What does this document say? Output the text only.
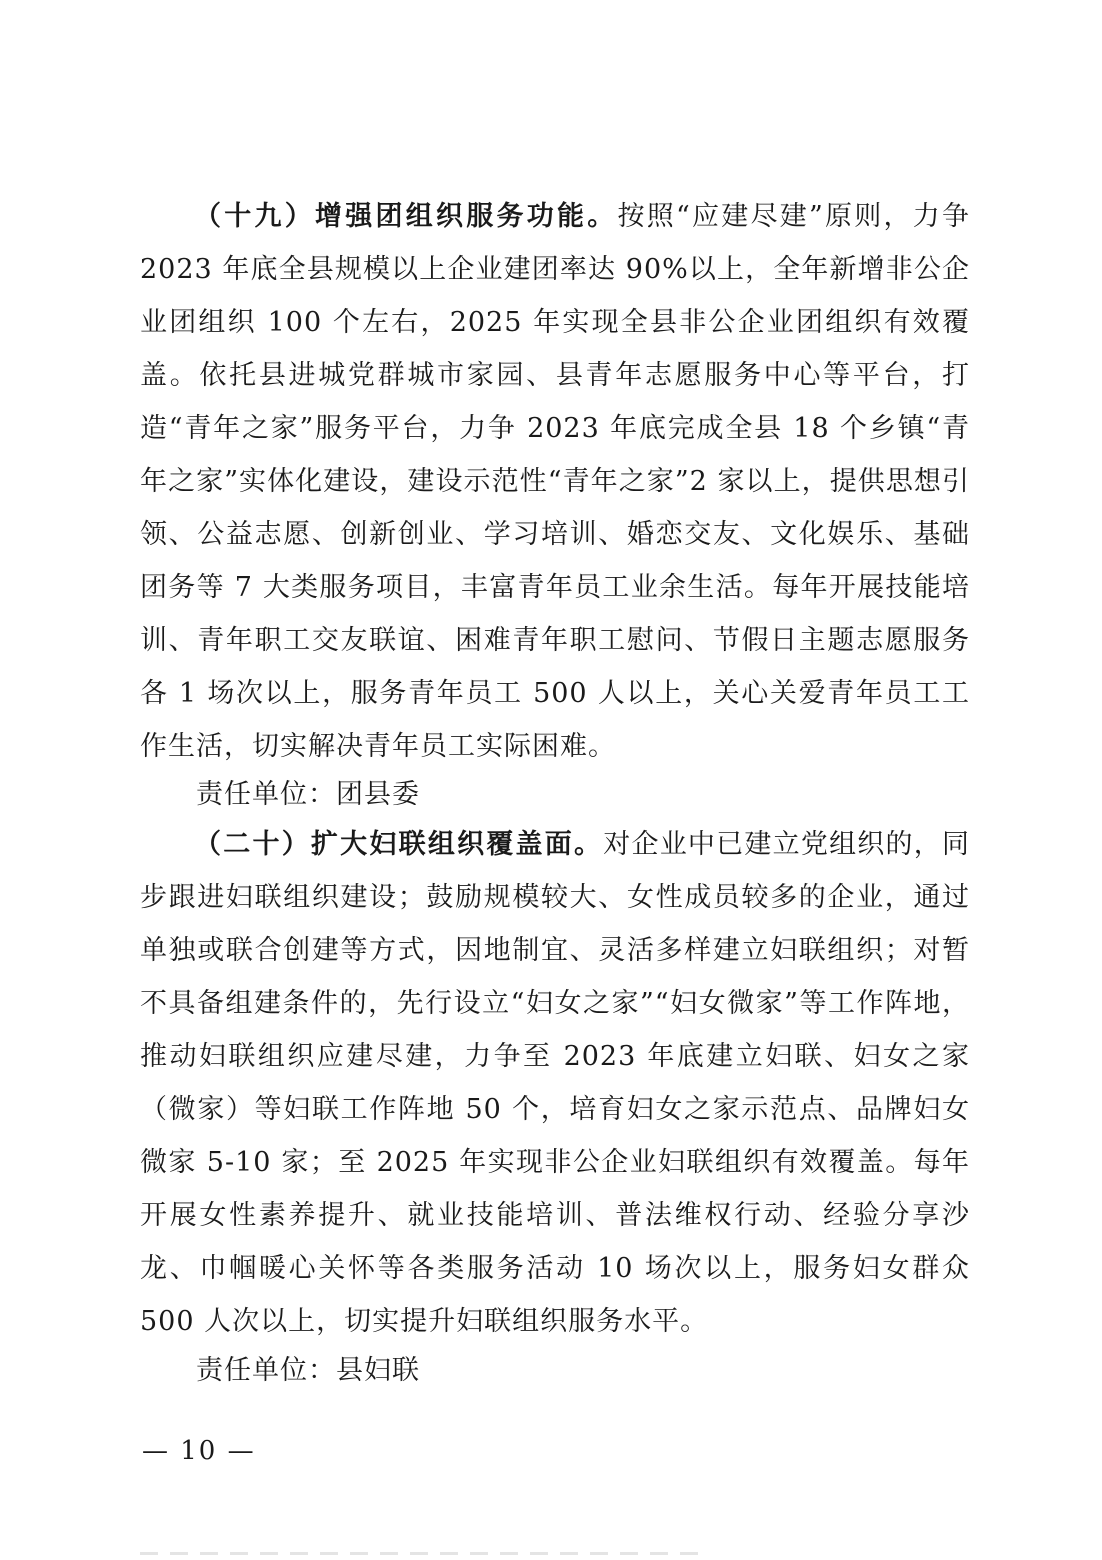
（十九）增强团组织服务功能。按照“应建尽建”原则，力争2023 年底全县规模以上企业建团率达 90%以上，全年新增非公企业团组织 100 个左右，2025 年实现全县非公企业团组织有效覆盖。依托县进城党群城市家园、县青年志愿服务中心等平台，打造“青年之家”服务平台，力争 2023 年底完成全县 18 个乡镇“青年之家”实体化建设，建设示范性“青年之家”2 家以上，提供思想引领、公益志愿、创新创业、学习培训、婚恋交友、文化娱乐、基础团务等 7 大类服务项目，丰富青年员工业余生活。每年开展技能培训、青年职工交友联谊、困难青年职工慰问、节假日主题志愿服务各 1 场次以上，服务青年员工 500 人以上，关心关爱青年员工工作生活，切实解决青年员工实际困难。

责任单位：团县委

（二十）扩大妇联组织覆盖面。对企业中已建立党组织的，同步跟进妇联组织建设；鼓励规模较大、女性成员较多的企业，通过单独或联合创建等方式，因地制宜、灵活多样建立妇联组织；对暂不具备组建条件的，先行设立“妇女之家”“妇女微家”等工作阵地，推动妇联组织应建尽建，力争至 2023 年底建立妇联、妇女之家（微家）等妇联工作阵地 50 个，培育妇女之家示范点、品牌妇女微家 5-10 家；至 2025 年实现非公企业妇联组织有效覆盖。每年开展女性素养提升、就业技能培训、普法维权行动、经验分享沙龙、巾帼暖心关怀等各类服务活动 10 场次以上，服务妇女群众 500 人次以上，切实提升妇联组织服务水平。

责任单位：县妇联

— 10 —
